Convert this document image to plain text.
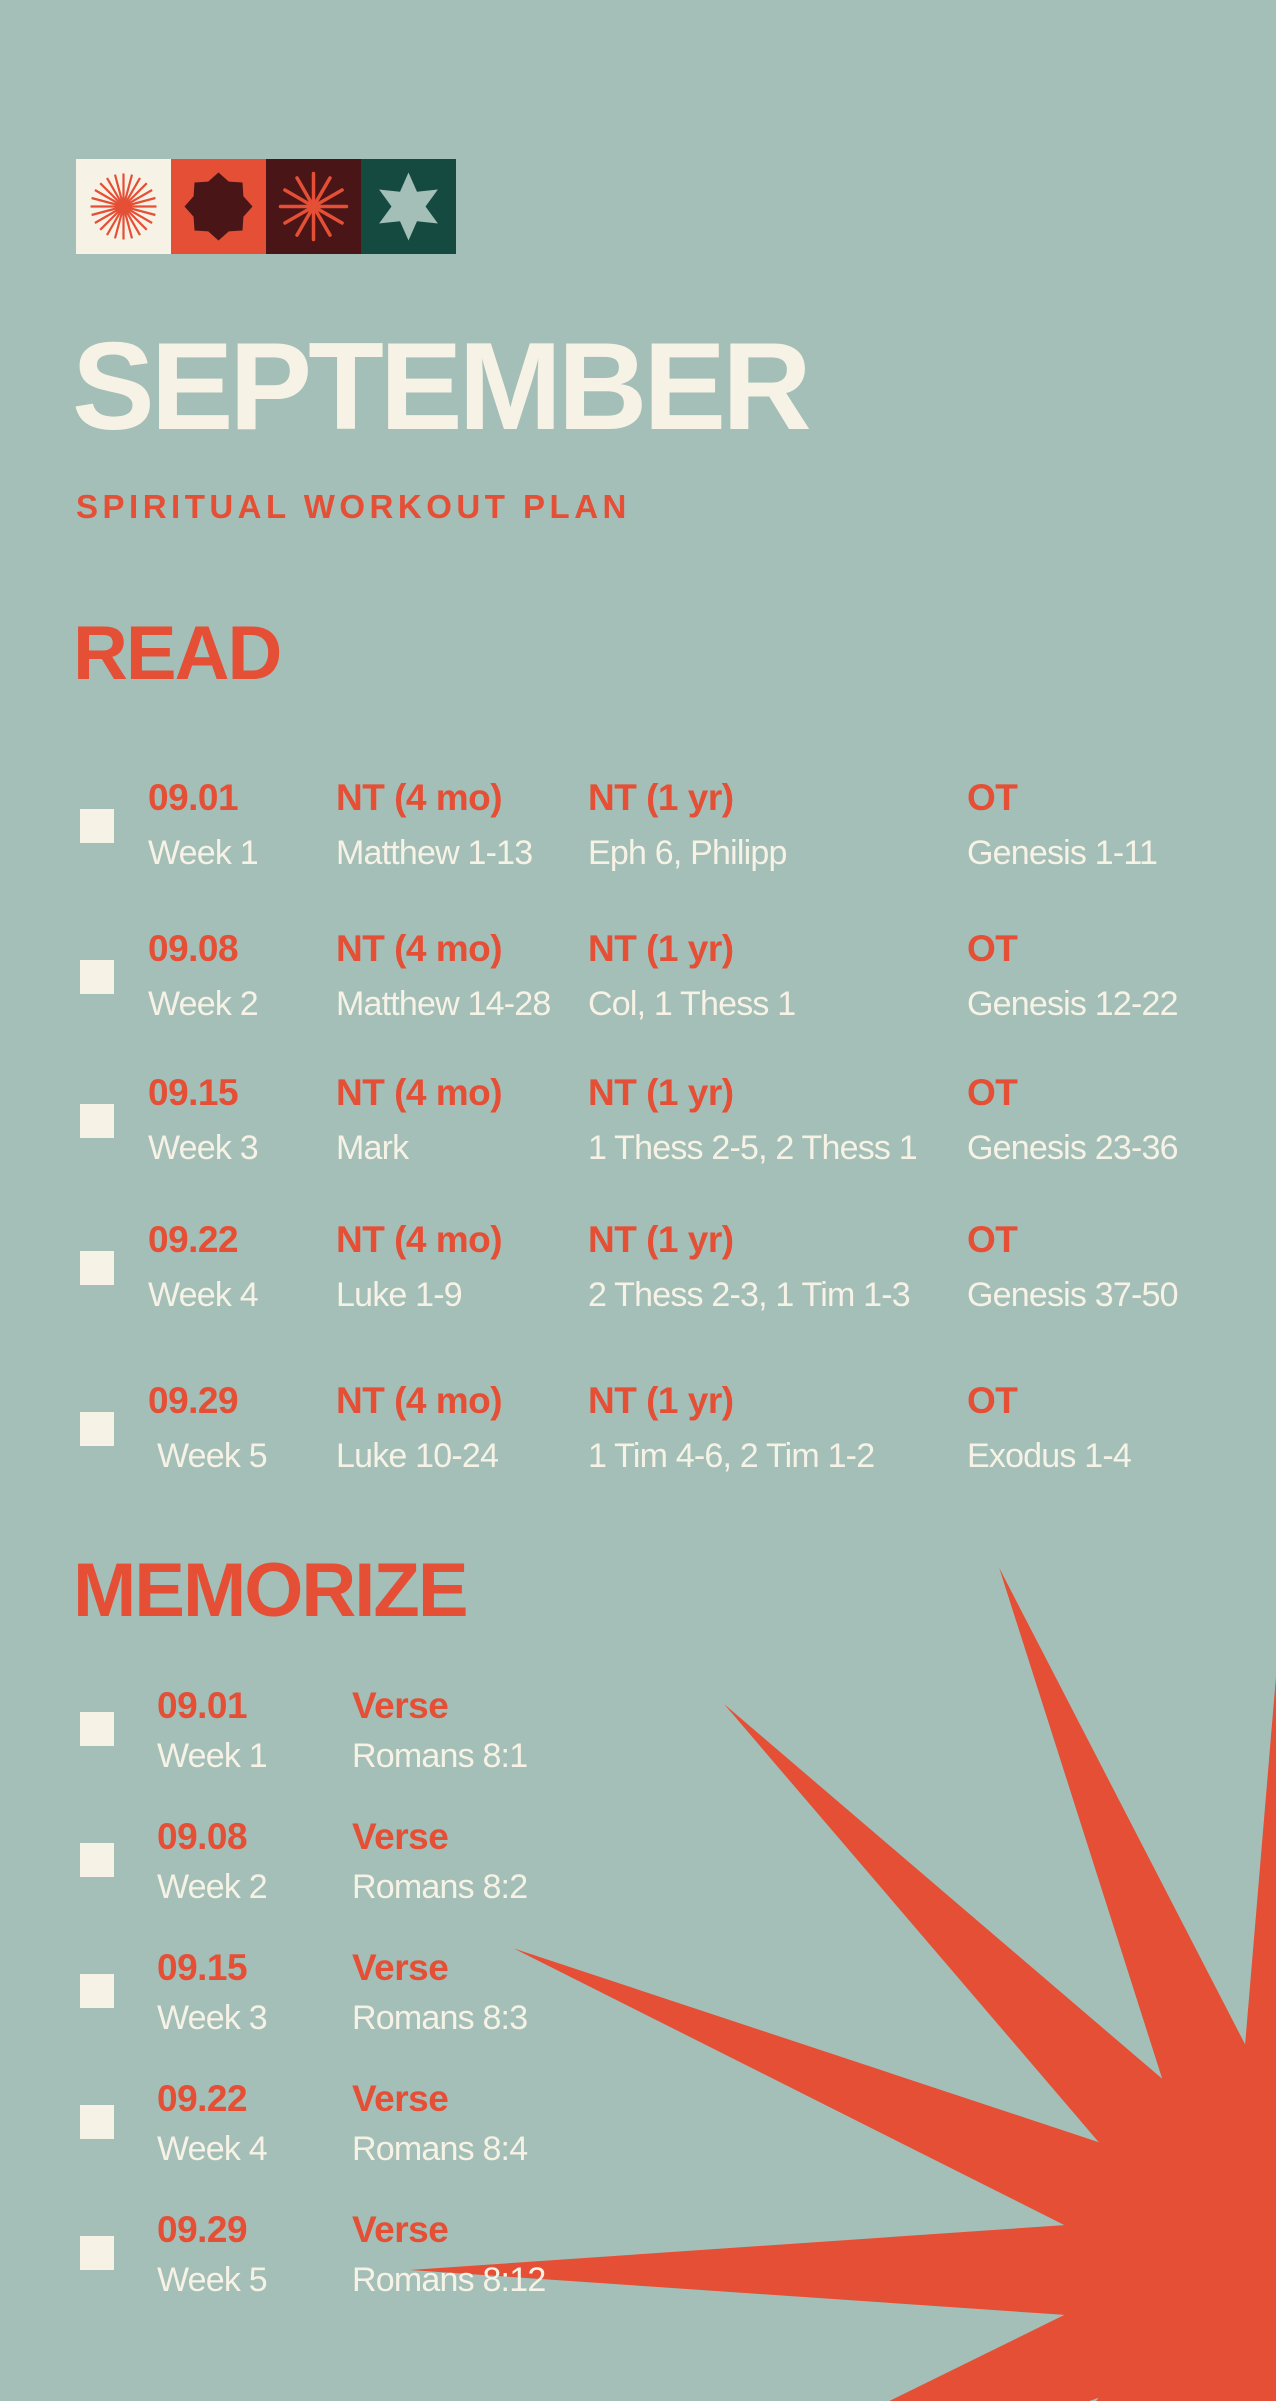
SEPTEMBER
SPIRITUAL WORKOUT PLAN
READ
09.01
Week 1
NT (4 mo)
Matthew 1-13
NT (1 yr)
Eph 6, Philipp
OT
Genesis 1-11
09.08
Week 2
NT (4 mo)
Matthew 14-28
NT (1 yr)
Col, 1 Thess 1
OT
Genesis 12-22
09.15
Week 3
NT (4 mo)
Mark
NT (1 yr)
1 Thess 2-5, 2 Thess 1
OT
Genesis 23-36
09.22
Week 4
NT (4 mo)
Luke 1-9
NT (1 yr)
2 Thess 2-3, 1 Tim 1-3
OT
Genesis 37-50
09.29
Week 5
NT (4 mo)
Luke 10-24
NT (1 yr)
1 Tim 4-6, 2 Tim 1-2
OT
Exodus 1-4
MEMORIZE
09.01
Week 1
Verse
Romans 8:1
09.08
Week 2
Verse
Romans 8:2
09.15
Week 3
Verse
Romans 8:3
09.22
Week 4
Verse
Romans 8:4
09.29
Week 5
Verse
Romans 8:12
